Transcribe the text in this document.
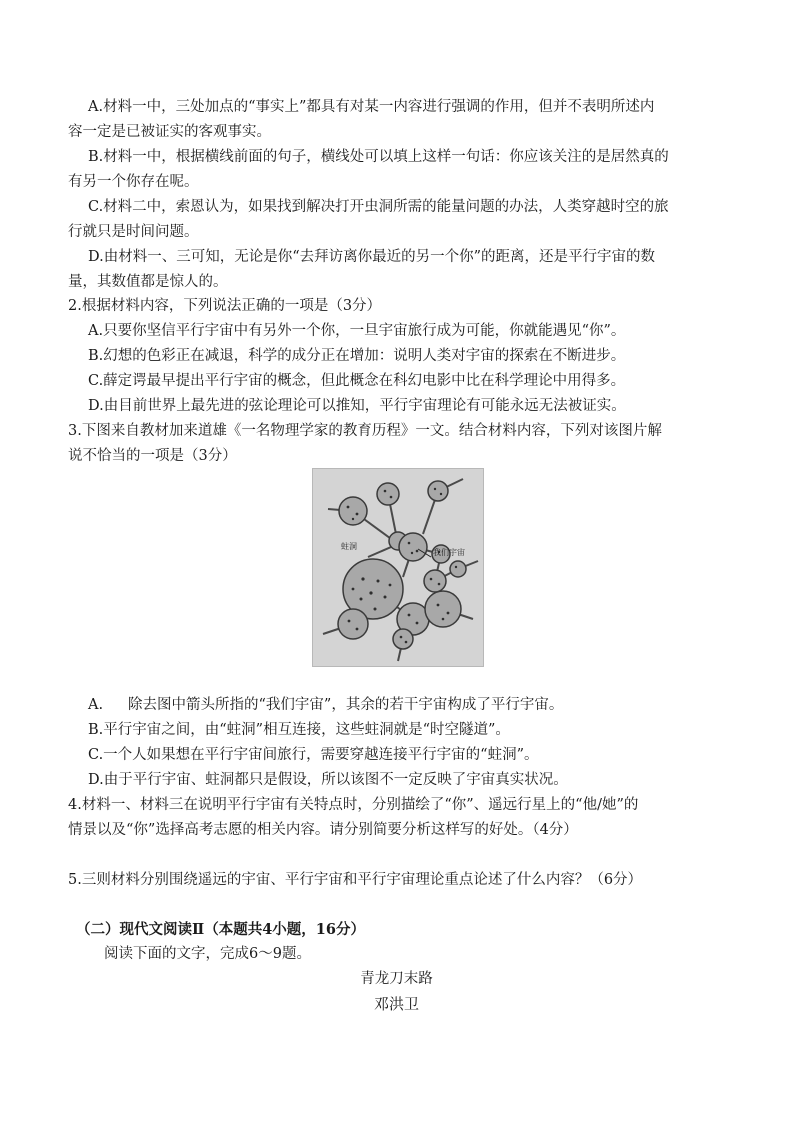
A.材料一中，三处加点的“事实上”都具有对某一内容进行强调的作用，但并不表明所述内
容一定是已被证实的客观事实。
B.材料一中，根据横线前面的句子，横线处可以填上这样一句话：你应该关注的是居然真的
有另一个你存在呢。
C.材料二中，索恩认为，如果找到解决打开虫洞所需的能量问题的办法，人类穿越时空的旅
行就只是时间问题。
D.由材料一、三可知，无论是你“去拜访离你最近的另一个你”的距离，还是平行宇宙的数
量，其数值都是惊人的。
2.根据材料内容，下列说法正确的一项是（3分）
A.只要你坚信平行宇宙中有另外一个你，一旦宇宙旅行成为可能，你就能遇见“你”。
B.幻想的色彩正在减退，科学的成分正在增加：说明人类对宇宙的探索在不断进步。
C.薛定谔最早提出平行宇宙的概念，但此概念在科幻电影中比在科学理论中用得多。
D.由目前世界上最先进的弦论理论可以推知，平行宇宙理论有可能永远无法被证实。
3.下图来自教材加来道雄《一名物理学家的教育历程》一文。结合材料内容，下列对该图片解
说不恰当的一项是（3分）
蛀洞
我们宇宙
A. 除去图中箭头所指的“我们宇宙”，其余的若干宇宙构成了平行宇宙。
B.平行宇宙之间，由“蛀洞”相互连接，这些蛀洞就是“时空隧道”。
C.一个人如果想在平行宇宙间旅行，需要穿越连接平行宇宙的“蛀洞”。
D.由于平行宇宙、蛀洞都只是假设，所以该图不一定反映了宇宙真实状况。
4.材料一、材料三在说明平行宇宙有关特点时，分别描绘了“你”、遥远行星上的“他/她”的
情景以及“你”选择高考志愿的相关内容。请分别简要分析这样写的好处。（4分）
5.三则材料分别围绕遥远的宇宙、平行宇宙和平行宇宙理论重点论述了什么内容？（6分）
（二）现代文阅读Ⅱ（本题共4小题，16分）
阅读下面的文字，完成6～9题。
青龙刀末路
邓洪卫
